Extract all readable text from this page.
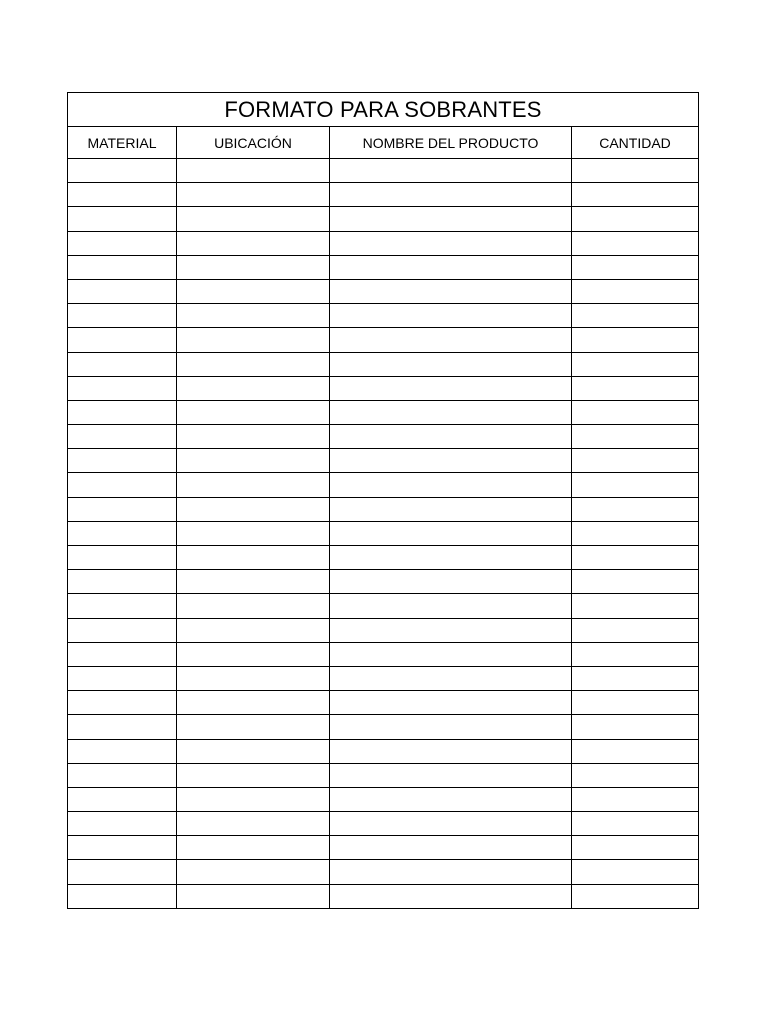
FORMATO PARA SOBRANTES			
MATERIAL	UBICACIÓN	NOMBRE DEL PRODUCTO	CANTIDAD
